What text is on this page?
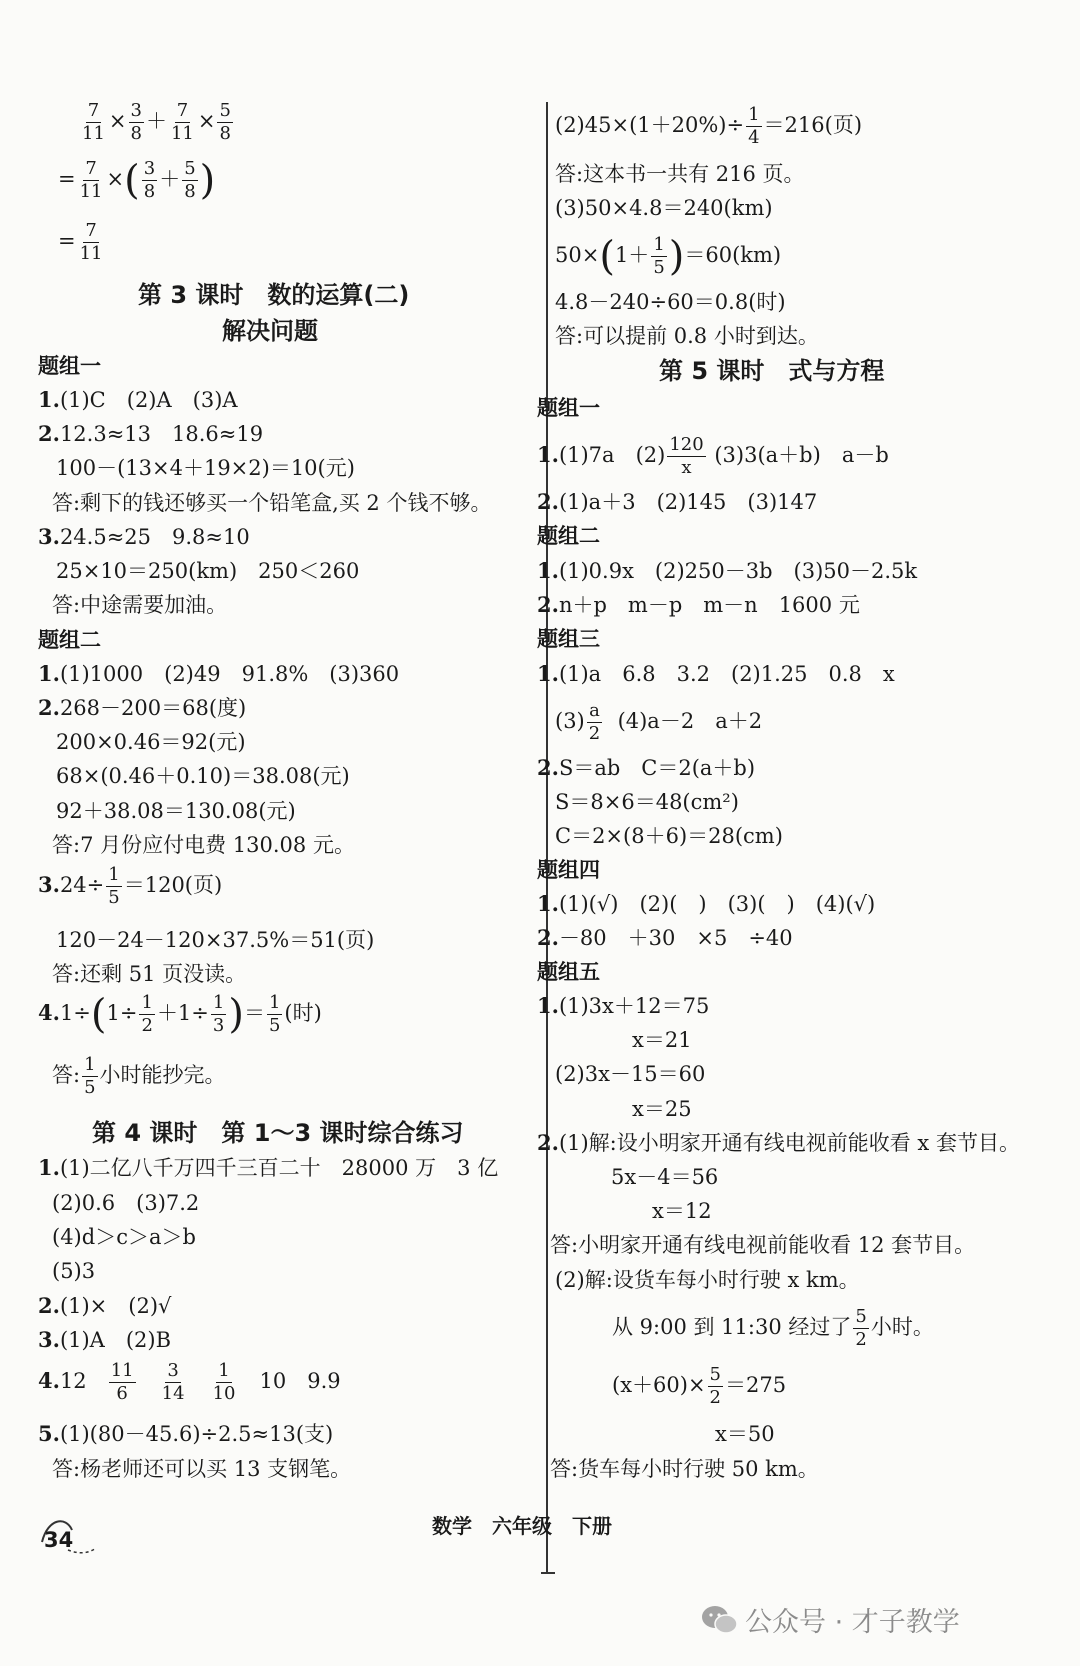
$\frac{7}{11} \times \frac{3}{8} + \frac{7}{11} \times \frac{5}{8}$
= $\frac{7}{11}$ ×( $\frac{3}{8} + \frac{5}{8}$ )
= $\frac{7}{11}$
第 3 课时　数的运算(二)
解决问题
题组一
1.(1)C　(2)A　(3)A
2.12.3≈13　18.6≈19
100－(13×4＋19×2)＝10(元)
答:剩下的钱还够买一个铅笔盒,买 2 个钱不够。
3.24.5≈25　9.8≈10
25×10＝250(km)　250＜260
答:中途需要加油。
题组二
1.(1)1000　(2)49　91.8%　(3)360
2.268－200＝68(度)
200×0.46＝92(元)
68×(0.46＋0.10)＝38.08(元)
92＋38.08＝130.08(元)
答:7 月份应付电费 130.08 元。
$3.24\div \frac{1}{5} =120$(页)
120－24－120×37.5%＝51(页)
答:还剩 51 页没读。
$4.1\div(1\div \frac{1}{2} +1\div \frac{1}{3}$ )＝ $\frac{1}{5}$ (时)
答: $\frac{1}{5}$ 小时能抄完。
第 4 课时　第 1～3 课时综合练习
1.(1)二亿八千万四千三百二十　28000 万　3 亿
(2)0.6　(3)7.2
(4)d＞c＞a＞b
(5)3
2.(1)×　(2)√
3.(1)A　(2)B
$4.12 \frac{11}{6}$
$\frac{3}{14}$
$\frac{1}{10} 10$　9.9
5.(1)(80－45.6)÷2.5≈13(支)
答:杨老师还可以买 13 支钢笔。
$(2)45\times(1+20\%)\div \frac{1}{4} =216$(页)
答:这本书一共有 216 页。
(3)50×4.8＝240(km)
$50\times(1+ \frac{1}{5} )=60(km)$
4.8－240÷60＝0.8(时)
答:可以提前 0.8 小时到达。
第 5 课时　式与方程
题组一
1.(1)7a　$(2) \frac{120}{x} (3)3(a+b)$　a－b
2.(1)a＋3　(2)145　(3)147
题组二
1.(1)0.9x　(2)250－3b　(3)50－2.5k
2.n＋p　m－p　m－n　1600 元
题组三
1.(1)a　6.8　3.2　(2)1.25　0.8　x
$(3) \frac{a}{2} (4)a-2$　a＋2
2.S＝ab　C＝2(a＋b)
S＝8×6＝48(cm²)
C＝2×(8＋6)＝28(cm)
题组四
1.(1)(√)　(2)(　)　(3)(　)　(4)(√)
2.－80　＋30　×5　÷40
题组五
1.(1)3x＋12＝75
x＝21
(2)3x－15＝60
x＝25
2.(1)解:设小明家开通有线电视前能收看 x 套节目。
5x－4＝56
x＝12
答:小明家开通有线电视前能收看 12 套节目。
(2)解:设货车每小时行驶 x km。
从 9:00 到 11:30 经过了 $\frac{5}{2}$ 小时。
$(x+60)\times \frac{5}{2} =275$
x＝50
答:货车每小时行驶 50 km。
34
数学　六年级　下册
公众号 · 才子教学
